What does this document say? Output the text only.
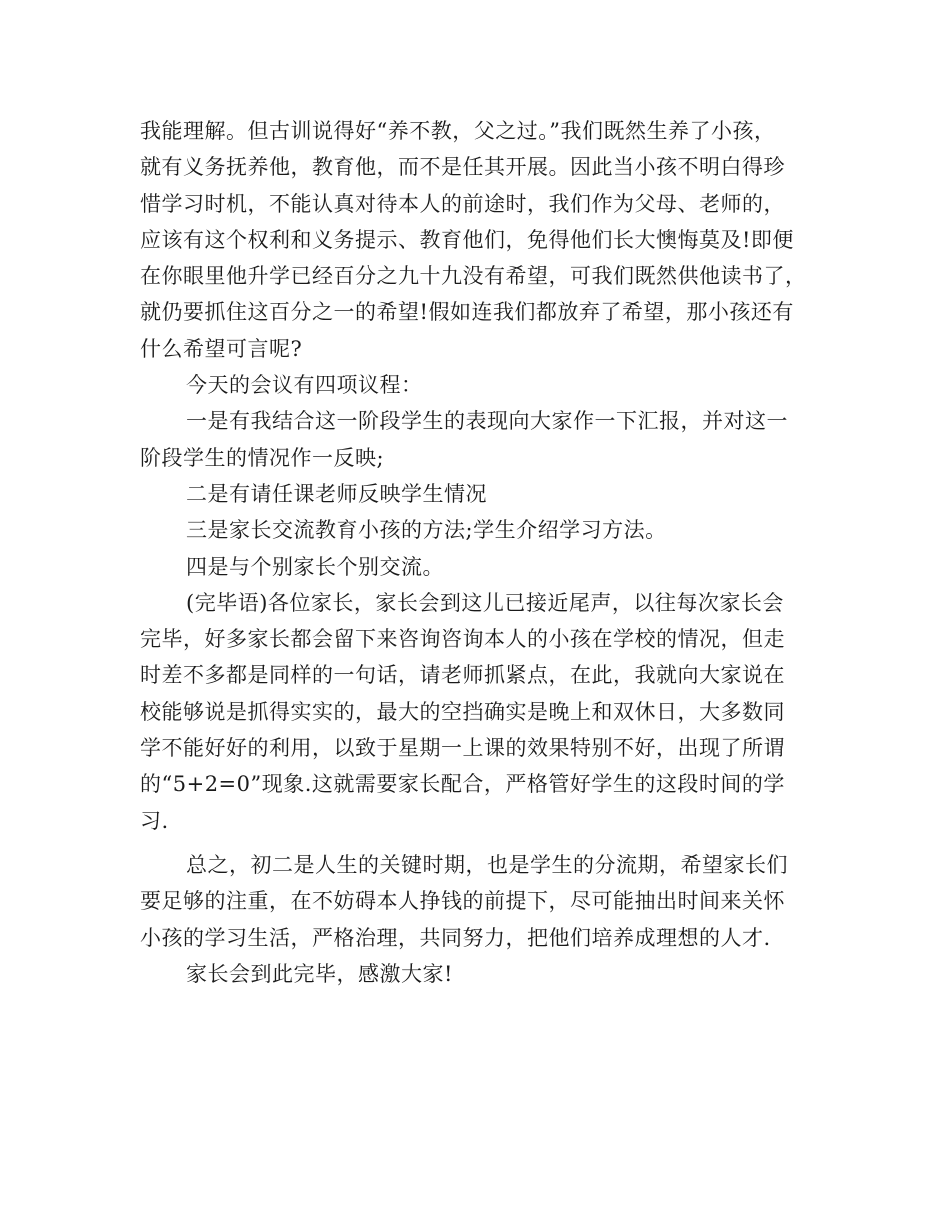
我能理解。但古训说得好“养不教，父之过。”我们既然生养了小孩，

就有义务抚养他，教育他，而不是任其开展。因此当小孩不明白得珍

惜学习时机，不能认真对待本人的前途时，我们作为父母、老师的，

应该有这个权利和义务提示、教育他们，免得他们长大懊悔莫及!即便

在你眼里他升学已经百分之九十九没有希望，可我们既然供他读书了，

就仍要抓住这百分之一的希望!假如连我们都放弃了希望，那小孩还有

什么希望可言呢?

今天的会议有四项议程：

一是有我结合这一阶段学生的表现向大家作一下汇报，并对这一

阶段学生的情况作一反映;

二是有请任课老师反映学生情况

三是家长交流教育小孩的方法;学生介绍学习方法。

四是与个别家长个别交流。

(完毕语)各位家长，家长会到这儿已接近尾声，以往每次家长会

完毕，好多家长都会留下来咨询咨询本人的小孩在学校的情况，但走

时差不多都是同样的一句话，请老师抓紧点，在此，我就向大家说在

校能够说是抓得实实的，最大的空挡确实是晚上和双休日，大多数同

学不能好好的利用，以致于星期一上课的效果特别不好，出现了所谓

的“5+2=0”现象.这就需要家长配合，严格管好学生的这段时间的学

习.

总之，初二是人生的关键时期，也是学生的分流期，希望家长们

要足够的注重，在不妨碍本人挣钱的前提下，尽可能抽出时间来关怀

小孩的学习生活，严格治理，共同努力，把他们培养成理想的人才.

家长会到此完毕，感激大家!
